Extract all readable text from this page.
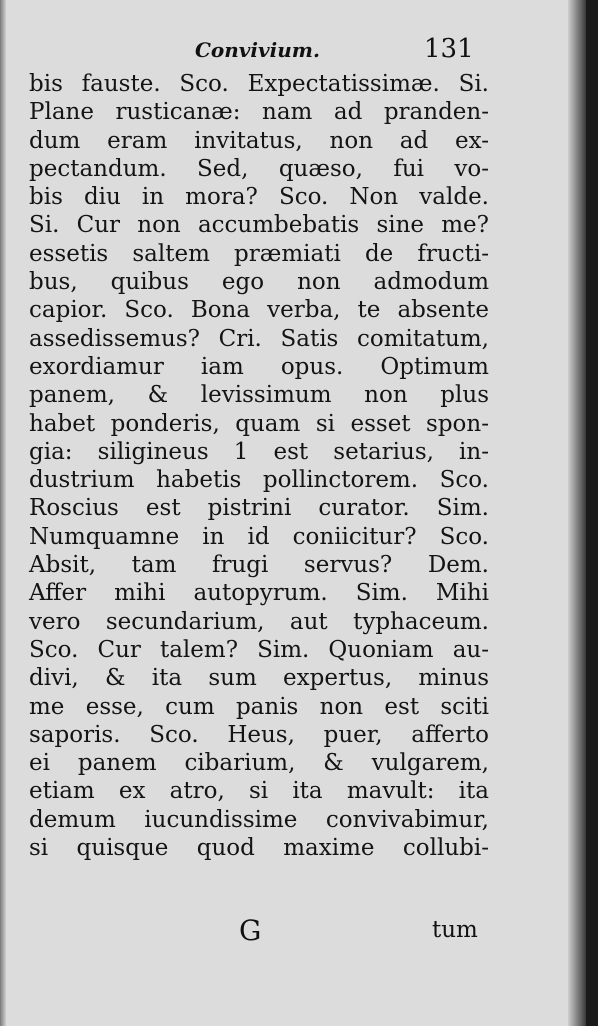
Convivium.	131
bis fauste. Sco. Expectatissimæ. Si.
Plane rusticanæ: nam ad pranden-
dum eram invitatus, non ad ex-
pectandum. Sed, quæso, fui vo-
bis diu in mora? Sco. Non valde.
Si. Cur non accumbebatis sine me?
essetis saltem præmiati de fructi-
bus, quibus ego non admodum
capior. Sco. Bona verba, te absente
assedissemus? Cri. Satis comitatum,
exordiamur iam opus. Optimum
panem, & levissimum non plus
habet ponderis, quam si esset spon-
gia: siligineus 1 est setarius, in-
dustrium habetis pollinctorem. Sco.
Roscius est pistrini curator. Sim.
Numquamne in id coniicitur? Sco.
Absit, tam frugi servus? Dem.
Affer mihi autopyrum. Sim. Mihi
vero secundarium, aut typhaceum.
Sco. Cur talem? Sim. Quoniam au-
divi, & ita sum expertus, minus
me esse, cum panis non est sciti
saporis. Sco. Heus, puer, afferto
ei panem cibarium, & vulgarem,
etiam ex atro, si ita mavult: ita
demum iucundissime convivabimur,
si quisque quod maxime collubi-
G	tum
